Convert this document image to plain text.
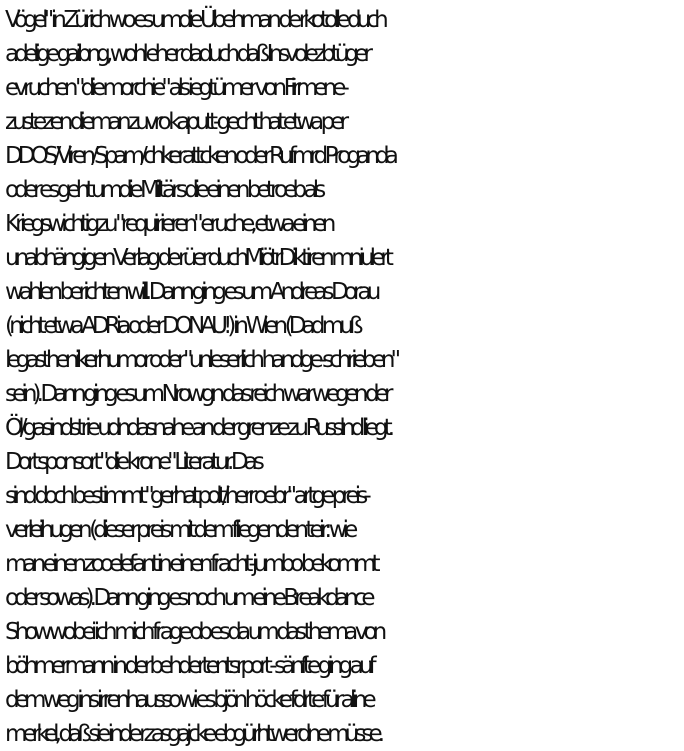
Vögel" in Zürich wo es umdie Übehman de rkotolle duch
adelige gaibng, wohl eher daduch daß Insvolezbtüger
evruchen "die morchie" als iegtümer von Firmene-
zustezen dieman zuvro kaputt-gecht hat etwa per
DDOS/Viren/Spam/chkerattcken oder Rufmrd Proganda
oder es geht umdie Miltärs die einen betroeb als
Kriegswichtig zu "requirieren" eruche, etwa einen
unabhängigen Verlag de rüer duchMiötrDiktiren mniulert
wahlen berichten will. Dann ging es um Andreas Dorau
(nicht etwa ADRia oder DONAU!) in Wien (Dad muß
legasthenikerhumor oder "unleserlich handge-schrieben"
sein). Dann ging es um Nrowgn das reich war wegen der
Öl/gasindstrie udndasnahe an der grenze zu Russlnd liegt.
Dort sponsort "die krone" Literatur. Das
sind doch bestimmt "gerhat polt/herr oebr" artge preis-
verleihugen (dieser preis mit dem fliegenden teir: wie
man einen zooelefant in einen fracht-jumbo bekommt
oder sowas). Dann ging es noch um eine Breakdance
Show wobei ich mich frage ob es da um das thema von
böhmermann in der behdertentsrport - sänfte ging auf
dem weg ins irrenhausso wi es bjön höcke fdrte für aline
merkel, daß sie inde rzasgajcke ebgürhtwerdne müsse.
